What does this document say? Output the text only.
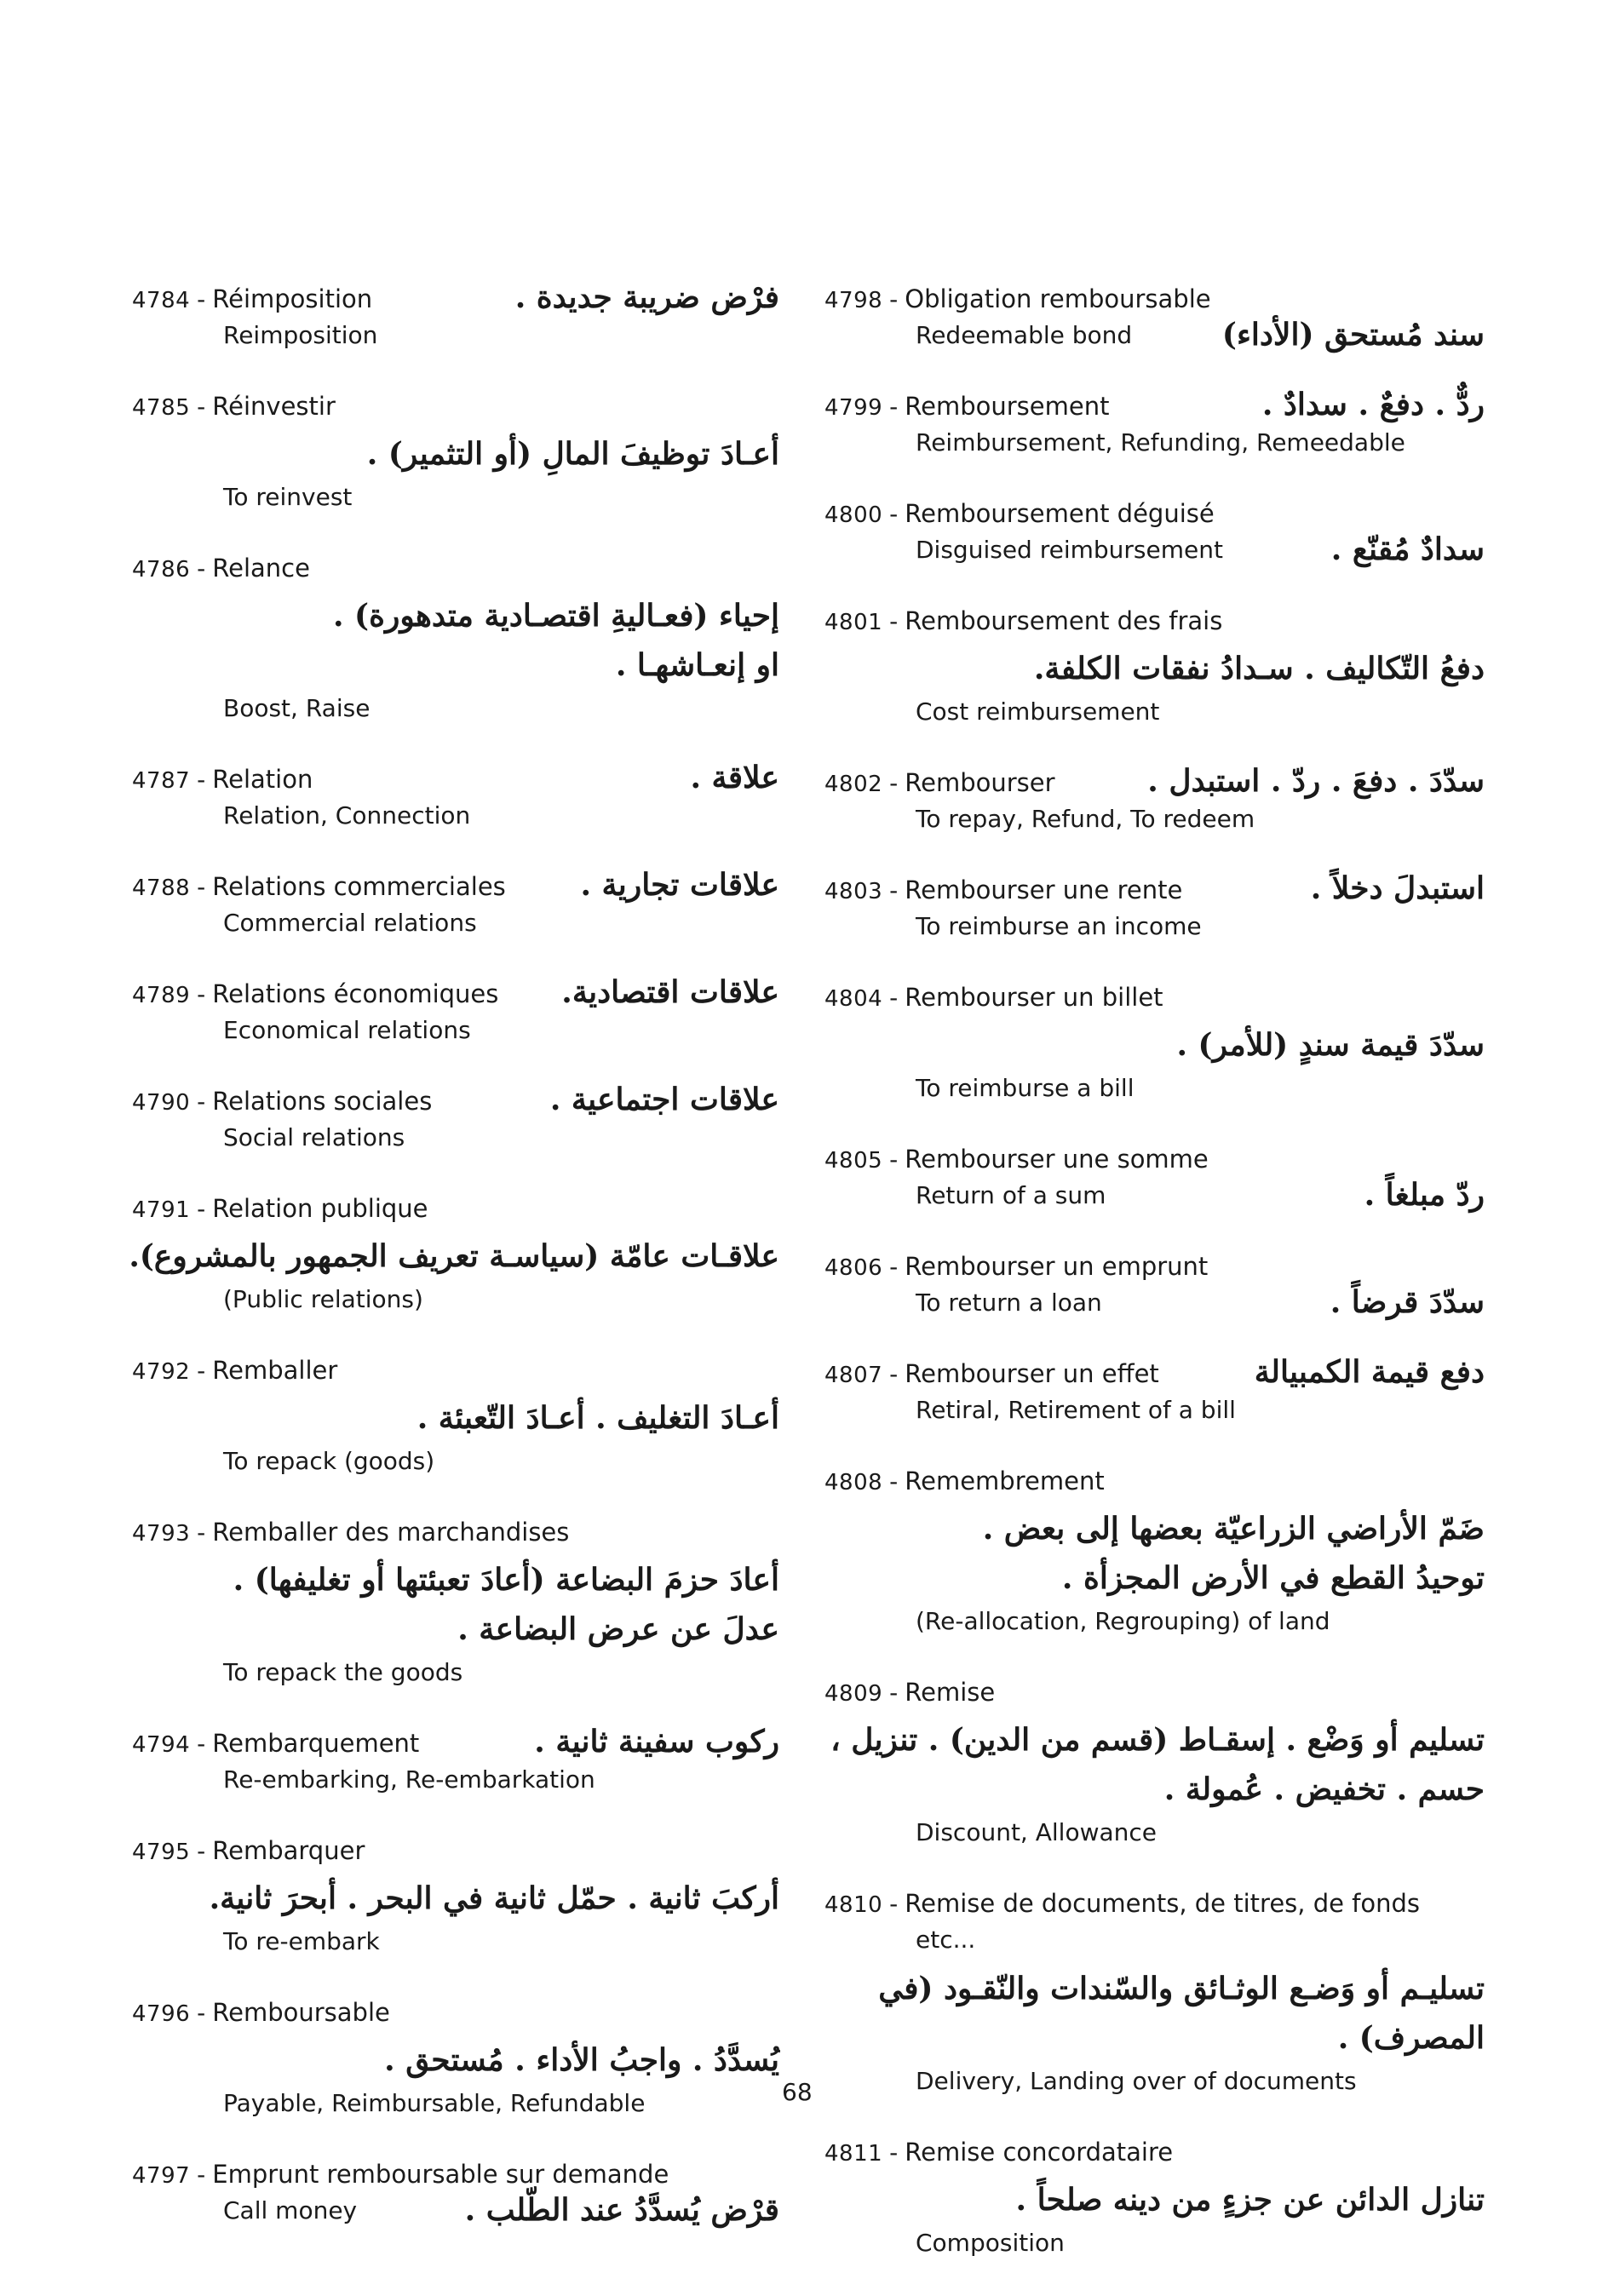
4784 - Réimposition	فرْض ضريبة جديدة .
Reimposition
4785 - Réinvestir
أعـادَ توظيفَ المالِ (أو التثمير) .
To reinvest
4786 - Relance
إحياء (فعـاليةِ اقتصـادية متدهورة) .
او إنعـاشهـا .
Boost, Raise
4787 - Relation	علاقة .
Relation, Connection
4788 - Relations commerciales علاقات تجارية .
Commercial relations
4789 - Relations économiques علاقات اقتصادية.
Economical relations
4790 - Relations sociales	علاقات اجتماعية .
Social relations
4791 - Relation publique
علاقـات عامّة (سياسـة تعريف الجمهور بالمشروع).
(Public relations)
4792 - Remballer
أعـادَ التغليف . أعـادَ التّعبئة .
To repack (goods)
4793 - Remballer des marchandises
أعادَ حزمَ البضاعة (أعادَ تعبئتها أو تغليفها) .
عدلَ عن عرض البضاعة .
To repack the goods
4794 - Rembarquement	ركوب سفينة ثانية .
Re-embarking, Re-embarkation
4795 - Rembarquer
أركبَ ثانية . حمّل ثانية في البحر . أبحرَ ثانية.
To re-embark
4796 - Remboursable
يُسدَّدُ . واجبُ الأداء . مُستحق .
Payable, Reimbursable, Refundable
4797 - Emprunt remboursable sur demande
Call money	قرْض يُسدَّدُ عند الطّلب .
4798 - Obligation remboursable
Redeemable bond	سند مُستحق (الأداء)
4799 - Remboursement	ردٌّ . دفعٌ . سدادٌ .
Reimbursement, Refunding, Remeedable
4800 - Remboursement déguisé
Disguised reimbursement	سدادٌ مُقنّع .
4801 - Remboursement des frais
دفعُ التّكاليف . سـدادُ نفقات الكلفة.
Cost reimbursement
4802 - Rembourser	سدّدَ . دفعَ . ردّ . استبدل .
To repay, Refund, To redeem
4803 - Rembourser une rente	استبدلَ دخلاً .
To reimburse an income
4804 - Rembourser un billet
سدّدَ قيمة سندٍ (للأمر) .
To reimburse a bill
4805 - Rembourser une somme
Return of a sum	ردّ مبلغاً .
4806 - Rembourser un emprunt
To return a loan	سدّدَ قرضاً .
4807 - Rembourser un effet	دفع قيمة الكمبيالة
Retiral, Retirement of a bill
4808 - Remembrement
ضَمّ الأراضي الزراعيّة بعضها إلى بعض .
توحيدُ القطع في الأرض المجزأة .
(Re-allocation, Regrouping) of land
4809 - Remise
تسليم أو وَضْع . إسقـاط (قسم من الدين) . تنزيل ،
حسم . تخفيض . عُمولة .
Discount, Allowance
4810 - Remise de documents, de titres, de fonds
etc...
تسليـم أو وَضـع الوثـائق والسّندات والنّقـود (في
المصرف) .
Delivery, Landing over of documents
4811 - Remise concordataire
تنازل الدائن عن جزءٍ من دينه صلحاً .
Composition
68
